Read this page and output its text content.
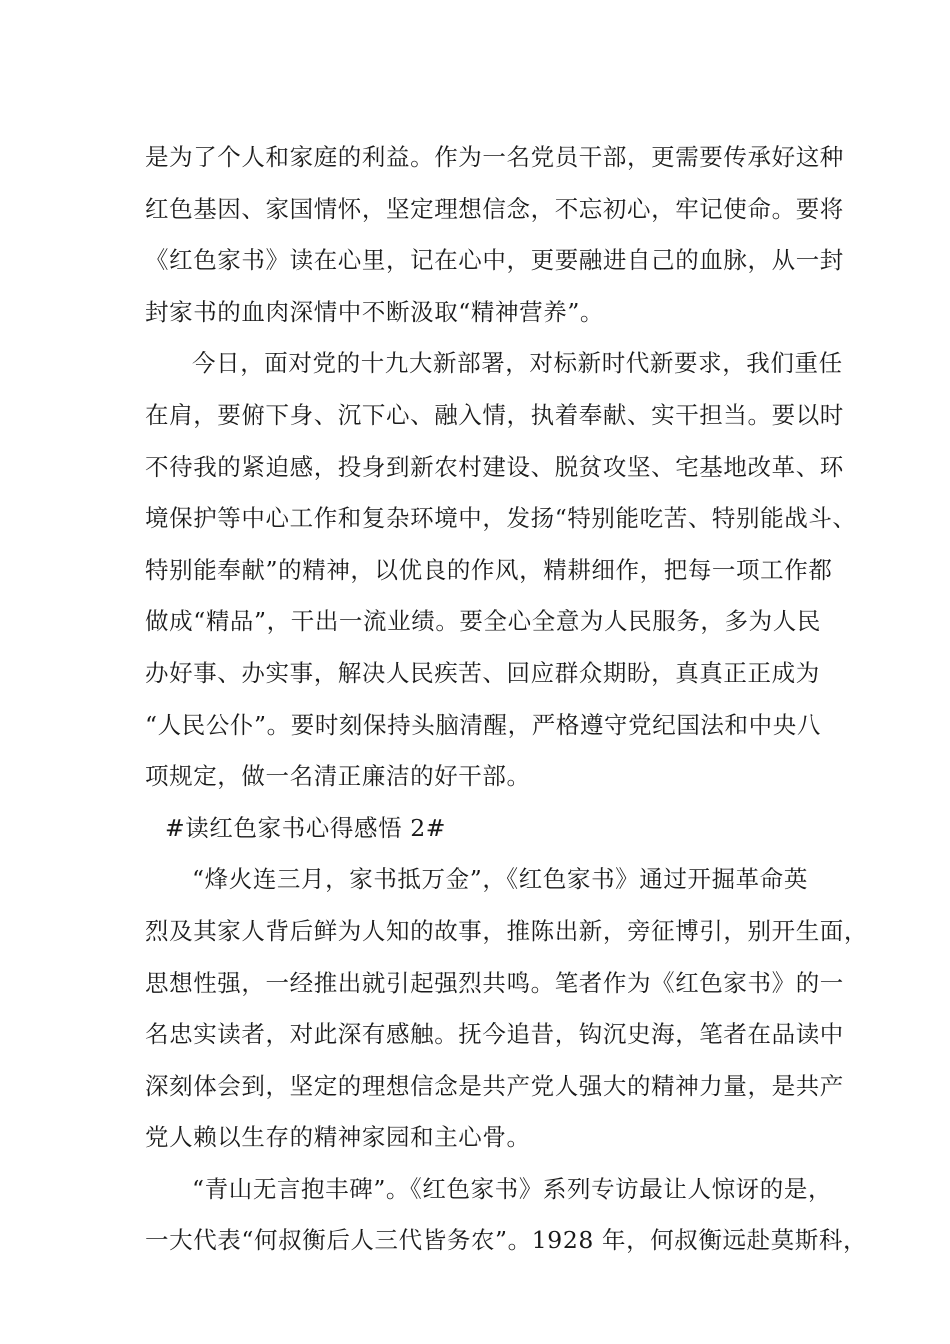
是为了个人和家庭的利益。作为一名党员干部，更需要传承好这种
红色基因、家国情怀，坚定理想信念，不忘初心，牢记使命。要将
《红色家书》读在心里，记在心中，更要融进自己的血脉，从一封
封家书的血肉深情中不断汲取“精神营养”。
今日，面对党的十九大新部署，对标新时代新要求，我们重任
在肩，要俯下身、沉下心、融入情，执着奉献、实干担当。要以时
不待我的紧迫感，投身到新农村建设、脱贫攻坚、宅基地改革、环
境保护等中心工作和复杂环境中，发扬“特别能吃苦、特别能战斗、
特别能奉献”的精神，以优良的作风，精耕细作，把每一项工作都
做成“精品”，干出一流业绩。要全心全意为人民服务，多为人民
办好事、办实事，解决人民疾苦、回应群众期盼，真真正正成为
“人民公仆”。要时刻保持头脑清醒，严格遵守党纪国法和中央八
项规定，做一名清正廉洁的好干部。
#读红色家书心得感悟 2#
“烽火连三月，家书抵万金”，《红色家书》通过开掘革命英
烈及其家人背后鲜为人知的故事，推陈出新，旁征博引，别开生面，
思想性强，一经推出就引起强烈共鸣。笔者作为《红色家书》的一
名忠实读者，对此深有感触。抚今追昔，钩沉史海，笔者在品读中
深刻体会到，坚定的理想信念是共产党人强大的精神力量，是共产
党人赖以生存的精神家园和主心骨。
“青山无言抱丰碑”。《红色家书》系列专访最让人惊讶的是，
一大代表“何叔衡后人三代皆务农”。1928 年，何叔衡远赴莫斯科，
